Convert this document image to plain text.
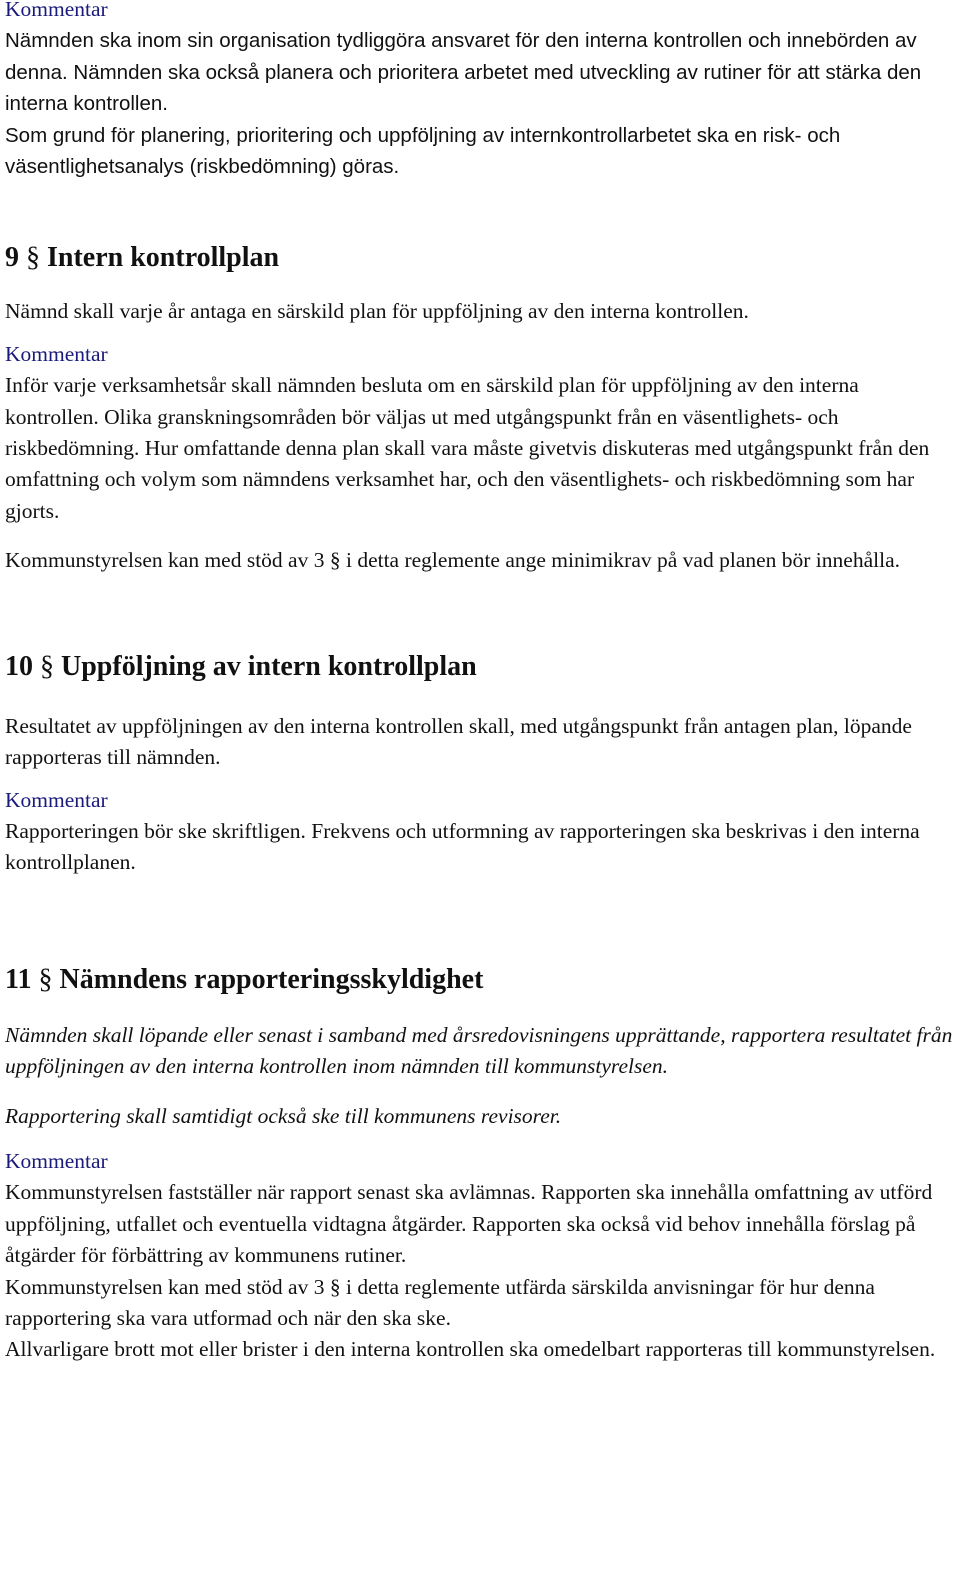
Kommentar
Nämnden ska inom sin organisation tydliggöra ansvaret för den interna kontrollen och innebörden av denna. Nämnden ska också planera och prioritera arbetet med utveckling av rutiner för att stärka den interna kontrollen.
Som grund för planering, prioritering och uppföljning av internkontrollarbetet ska en risk- och väsentlighetsanalys (riskbedömning) göras.
9 § Intern kontrollplan
Nämnd skall varje år antaga en särskild plan för uppföljning av den interna kontrollen.
Kommentar
Inför varje verksamhetsår skall nämnden besluta om en särskild plan för uppföljning av den interna kontrollen. Olika granskningsområden bör väljas ut med utgångspunkt från en väsentlighets- och riskbedömning. Hur omfattande denna plan skall vara måste givetvis diskuteras med utgångspunkt från den omfattning och volym som nämndens verksamhet har, och den väsentlighets- och riskbedömning som har gjorts.
Kommunstyrelsen kan med stöd av 3 § i detta reglemente ange minimikrav på vad planen bör innehålla.
10 § Uppföljning av intern kontrollplan
Resultatet av uppföljningen av den interna kontrollen skall, med utgångspunkt från antagen plan, löpande rapporteras till nämnden.
Kommentar
Rapporteringen bör ske skriftligen. Frekvens och utformning av rapporteringen ska beskrivas i den interna kontrollplanen.
11 § Nämndens rapporteringsskyldighet
Nämnden skall löpande eller senast i samband med årsredovisningens upprättande, rapportera resultatet från uppföljningen av den interna kontrollen inom nämnden till kommunstyrelsen.
Rapportering skall samtidigt också ske till kommunens revisorer.
Kommentar
Kommunstyrelsen fastställer när rapport senast ska avlämnas. Rapporten ska innehålla omfattning av utförd uppföljning, utfallet och eventuella vidtagna åtgärder. Rapporten ska också vid behov innehålla förslag på åtgärder för förbättring av kommunens rutiner.
Kommunstyrelsen kan med stöd av 3 § i detta reglemente utfärda särskilda anvisningar för hur denna rapportering ska vara utformad och när den ska ske.
Allvarligare brott mot eller brister i den interna kontrollen ska omedelbart rapporteras till kommunstyrelsen.
